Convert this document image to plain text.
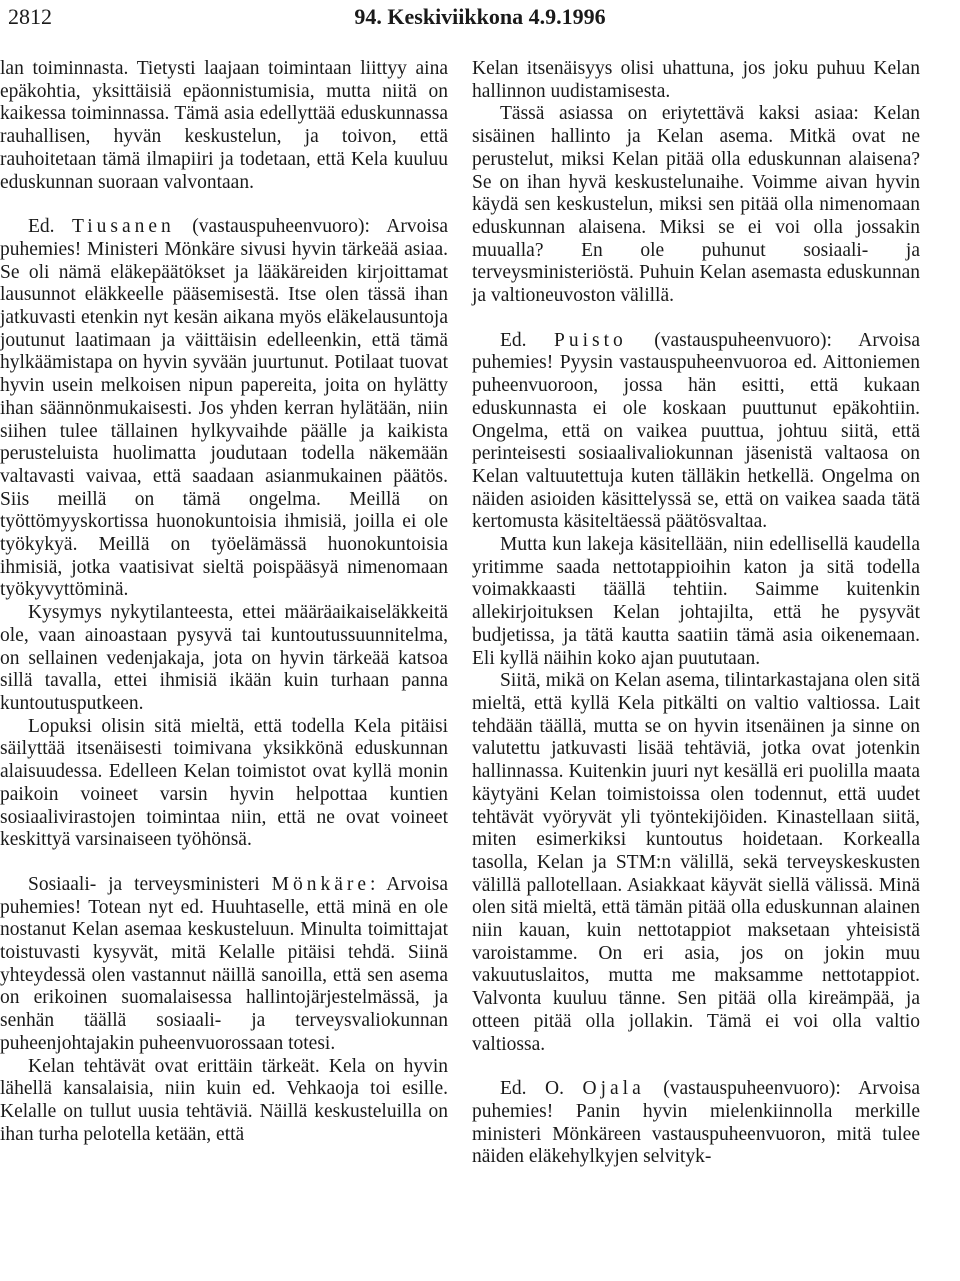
2812	94. Keskiviikkona 4.9.1996

lan toiminnasta. Tietysti laajaan toimintaan liittyy aina epäkohtia, yksittäisiä epäonnistumisia, mutta niitä on kaikessa toiminnassa. Tämä asia edellyttää eduskunnassa rauhallisen, hyvän keskustelun, ja toivon, että rauhoitetaan tämä ilmapiiri ja todetaan, että Kela kuuluu eduskunnan suoraan valvontaan.

Ed. Tiusanen (vastauspuheenvuoro): Arvoisa puhemies! Ministeri Mönkäre sivusi hyvin tärkeää asiaa. Se oli nämä eläkepäätökset ja lääkäreiden kirjoittamat lausunnot eläkkeelle pääsemisestä. Itse olen tässä ihan jatkuvasti etenkin nyt kesän aikana myös eläkelausuntoja joutunut laatimaan ja väittäisin edelleenkin, että tämä hylkäämistapa on hyvin syvään juurtunut. Potilaat tuovat hyvin usein melkoisen nipun papereita, joita on hylätty ihan säännönmukaisesti. Jos yhden kerran hylätään, niin siihen tulee tällainen hylkyvaihde päälle ja kaikista perusteluista huolimatta joudutaan todella näkemään valtavasti vaivaa, että saadaan asianmukainen päätös. Siis meillä on tämä ongelma. Meillä on työttömyyskortissa huonokuntoisia ihmisiä, joilla ei ole työkykyä. Meillä on työelämässä huonokuntoisia ihmisiä, jotka vaatisivat sieltä poispääsyä nimenomaan työkyvyttöminä.

Kysymys nykytilanteesta, ettei määräaikaiseläkkeitä ole, vaan ainoastaan pysyvä tai kuntoutussuunnitelma, on sellainen vedenjakaja, jota on hyvin tärkeää katsoa sillä tavalla, ettei ihmisiä ikään kuin turhaan panna kuntoutusputkeen.

Lopuksi olisin sitä mieltä, että todella Kela pitäisi säilyttää itsenäisesti toimivana yksikkönä eduskunnan alaisuudessa. Edelleen Kelan toimistot ovat kyllä monin paikoin voineet varsin hyvin helpottaa kuntien sosiaalivirastojen toimintaa niin, että ne ovat voineet keskittyä varsinaiseen työhönsä.

Sosiaali- ja terveysministeri Mönkäre: Arvoisa puhemies! Totean nyt ed. Huuhtaselle, että minä en ole nostanut Kelan asemaa keskusteluun. Minulta toimittajat toistuvasti kysyvät, mitä Kelalle pitäisi tehdä. Siinä yhteydessä olen vastannut näillä sanoilla, että sen asema on erikoinen suomalaisessa hallintojärjestelmässä, ja senhän täällä sosiaali- ja terveysvaliokunnan puheenjohtajakin puheenvuorossaan totesi.

Kelan tehtävät ovat erittäin tärkeät. Kela on hyvin lähellä kansalaisia, niin kuin ed. Vehkaoja toi esille. Kelalle on tullut uusia tehtäviä. Näillä keskusteluilla on ihan turha pelotella ketään, että

Kelan itsenäisyys olisi uhattuna, jos joku puhuu Kelan hallinnon uudistamisesta.

Tässä asiassa on eriytettävä kaksi asiaa: Kelan sisäinen hallinto ja Kelan asema. Mitkä ovat ne perustelut, miksi Kelan pitää olla eduskunnan alaisena? Se on ihan hyvä keskustelunaihe. Voimme aivan hyvin käydä sen keskustelun, miksi sen pitää olla nimenomaan eduskunnan alaisena. Miksi se ei voi olla jossakin muualla? En ole puhunut sosiaali- ja terveysministeriöstä. Puhuin Kelan asemasta eduskunnan ja valtioneuvoston välillä.

Ed. Puisto (vastauspuheenvuoro): Arvoisa puhemies! Pyysin vastauspuheenvuoroa ed. Aittoniemen puheenvuoroon, jossa hän esitti, että kukaan eduskunnasta ei ole koskaan puuttunut epäkohtiin. Ongelma, että on vaikea puuttua, johtuu siitä, että perinteisesti sosiaalivaliokunnan jäsenistä valtaosa on Kelan valtuutettuja kuten tälläkin hetkellä. Ongelma on näiden asioiden käsittelyssä se, että on vaikea saada tätä kertomusta käsiteltäessä päätösvaltaa.

Mutta kun lakeja käsitellään, niin edellisellä kaudella yritimme saada nettotappioihin katon ja sitä todella voimakkaasti täällä tehtiin. Saimme kuitenkin allekirjoituksen Kelan johtajilta, että he pysyvät budjetissa, ja tätä kautta saatiin tämä asia oikenemaan. Eli kyllä näihin koko ajan puututaan.

Siitä, mikä on Kelan asema, tilintarkastajana olen sitä mieltä, että kyllä Kela pitkälti on valtio valtiossa. Lait tehdään täällä, mutta se on hyvin itsenäinen ja sinne on valutettu jatkuvasti lisää tehtäviä, jotka ovat jotenkin hallinnassa. Kuitenkin juuri nyt kesällä eri puolilla maata käytyäni Kelan toimistoissa olen todennut, että uudet tehtävät vyöryvät yli työntekijöiden. Kinastellaan siitä, miten esimerkiksi kuntoutus hoidetaan. Korkealla tasolla, Kelan ja STM:n välillä, sekä terveyskeskusten välillä pallotellaan. Asiakkaat käyvät siellä välissä. Minä olen sitä mieltä, että tämän pitää olla eduskunnan alainen niin kauan, kuin nettotappiot maksetaan yhteisistä varoistamme. On eri asia, jos on jokin muu vakuutuslaitos, mutta me maksamme nettotappiot. Valvonta kuuluu tänne. Sen pitää olla kireämpää, ja otteen pitää olla jollakin. Tämä ei voi olla valtio valtiossa.

Ed. O. Ojala (vastauspuheenvuoro): Arvoisa puhemies! Panin hyvin mielenkiinnolla merkille ministeri Mönkäreen vastauspuheenvuoron, mitä tulee näiden eläkehylkyjen selvityk-
